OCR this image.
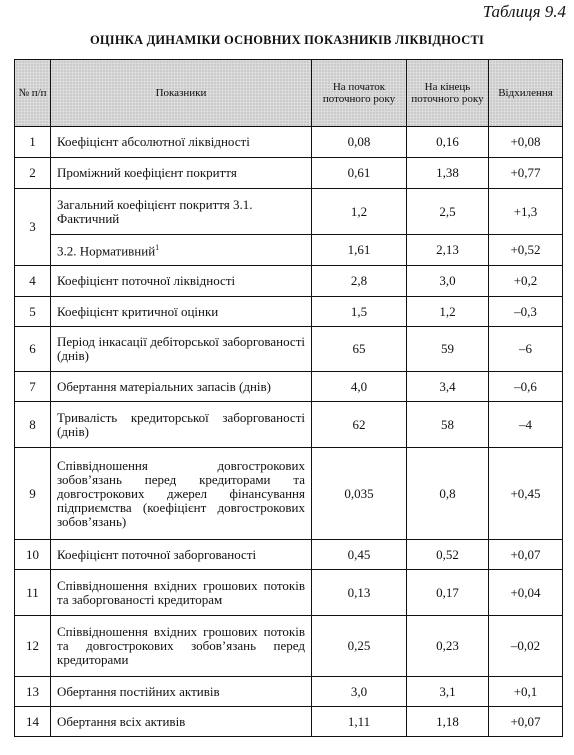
Таблиця 9.4
ОЦІНКА ДИНАМІКИ ОСНОВНИХ ПОКАЗНИКІВ ЛІКВІДНОСТІ
№ п/п	Показники	На початок поточного року	На кінець поточного року	Відхилення
1	Коефіцієнт абсолютної ліквідності	0,08	0,16	+0,08
2	Проміжний коефіцієнт покриття	0,61	1,38	+0,77
3	Загальний коефіцієнт покриття 3.1. Фактичний	1,2	2,5	+1,3
	3.2. Нормативний$^1$	1,61	2,13	+0,52
4	Коефіцієнт поточної ліквідності	2,8	3,0	+0,2
5	Коефіцієнт критичної оцінки	1,5	1,2	–0,3
6	Період інкасації дебіторської заборгованості (днів)	65	59	–6
7	Обертання матеріальних запасів (днів)	4,0	3,4	–0,6
8	Тривалість кредиторської заборгованості (днів)	62	58	–4
9	Співвідношення довгострокових зобов’язань перед кредиторами та довгострокових джерел фінансування підприємства (коефіцієнт довгострокових зобов’язань)	0,035	0,8	+0,45
10	Коефіцієнт поточної заборгованості	0,45	0,52	+0,07
11	Співвідношення вхідних грошових потоків та заборгованості кредиторам	0,13	0,17	+0,04
12	Співвідношення вхідних грошових потоків та довгострокових зобов’язань перед кредиторами	0,25	0,23	–0,02
13	Обертання постійних активів	3,0	3,1	+0,1
14	Обертання всіх активів	1,11	1,18	+0,07
